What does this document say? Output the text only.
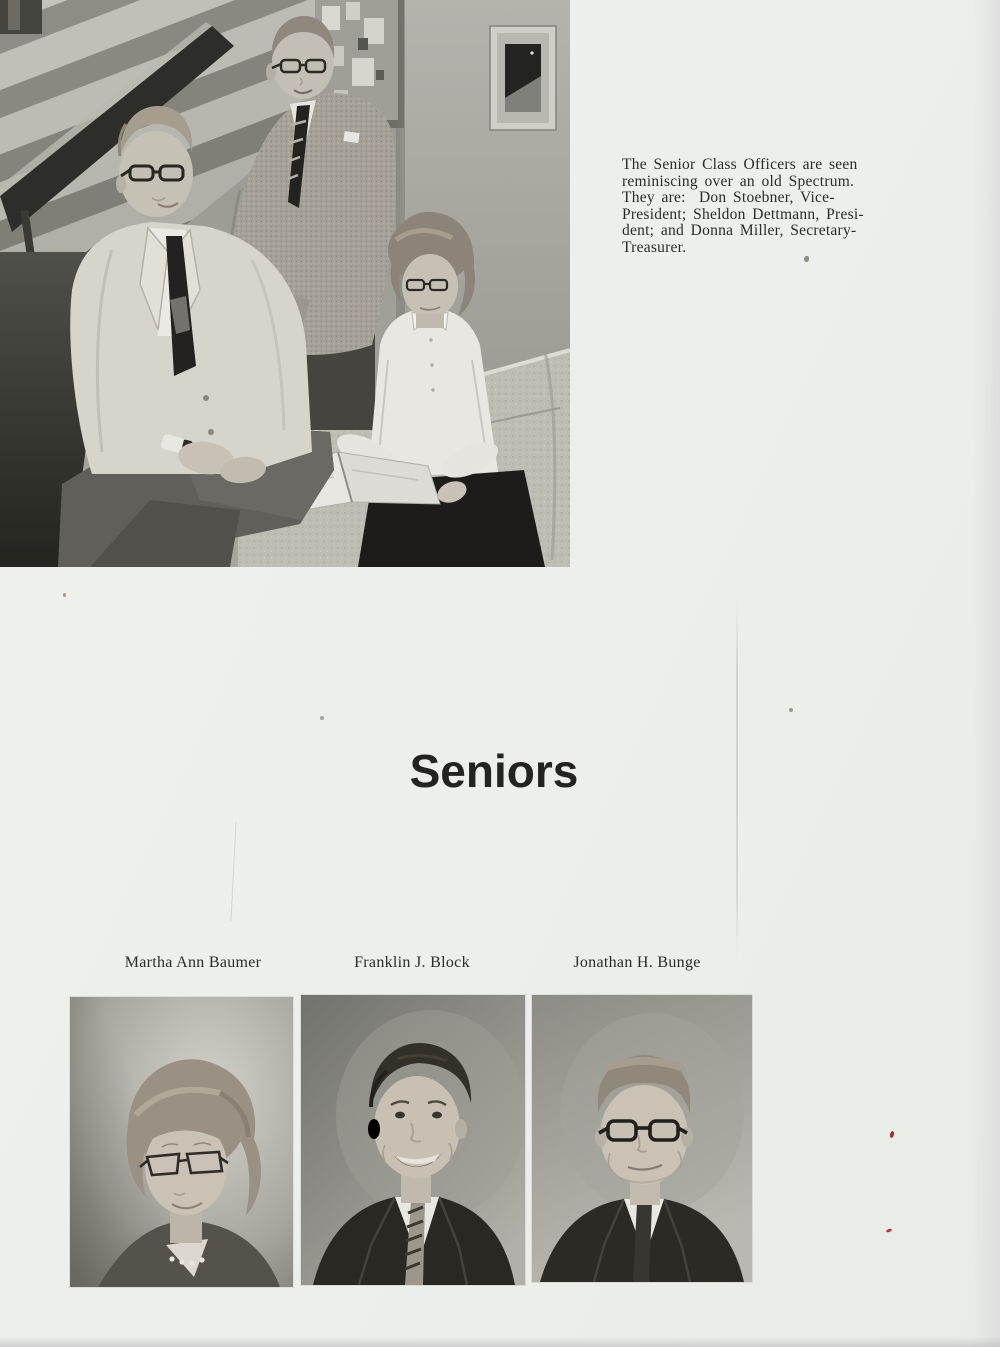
The Senior Class Officers are seen
reminiscing over an old Spectrum.
They are:  Don Stoebner, Vice-
President; Sheldon Dettmann, Presi-
dent; and Donna Miller, Secretary-
Treasurer.
Seniors
Martha Ann Baumer	Franklin J. Block	Jonathan H. Bunge
